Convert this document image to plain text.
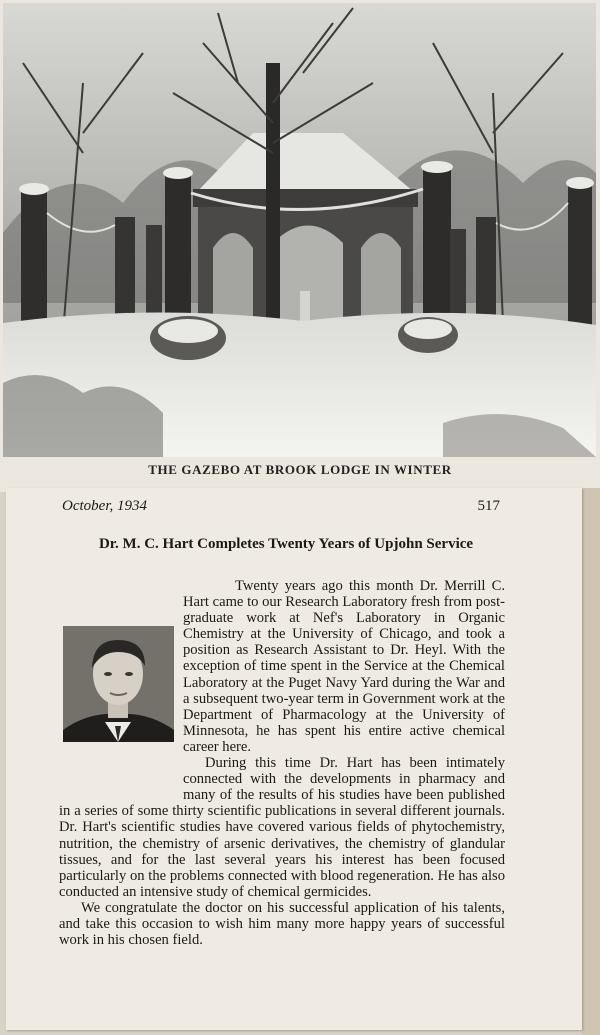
THE GAZEBO AT BROOK LODGE IN WINTER
October, 1934	517
Dr. M. C. Hart Completes Twenty Years of Upjohn Service

Twenty years ago this month Dr. Merrill C. Hart came to our Research Laboratory fresh from post-graduate work at Nef's Laboratory in Organic Chemistry at the University of Chicago, and took a position as Research Assistant to Dr. Heyl. With the exception of time spent in the Service at the Chemical Laboratory at the Puget Navy Yard during the War and a subsequent two-year term in Government work at the Department of Pharmacology at the University of Minnesota, he has spent his entire active chemical career here.

During this time Dr. Hart has been intimately connected with the developments in pharmacy and many of the results of his studies have been published in a series of some thirty scientific publications in several different journals. Dr. Hart's scientific studies have covered various fields of phytochemistry, nutrition, the chemistry of arsenic derivatives, the chemistry of glandular tissues, and for the last several years his interest has been focused particularly on the problems connected with blood regeneration. He has also conducted an intensive study of chemical germicides.

We congratulate the doctor on his successful application of his talents, and take this occasion to wish him many more happy years of successful work in his chosen field.
